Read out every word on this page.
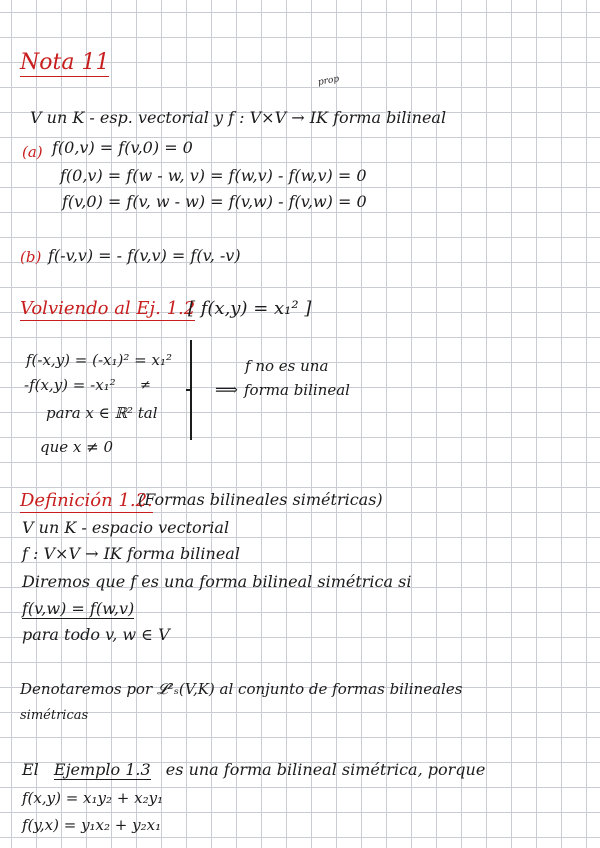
Nota 11
prop
V un K - esp. vectorial y f : V×V → IK forma bilineal
(a) f(0,v) = f(v,0) = 0
f(0,v) = f(w - w, v) = f(w,v) - f(w,v) = 0
f(v,0) = f(v, w - w) = f(v,w) - f(v,w) = 0
(b) f(-v,v) = - f(v,v) = f(v, -v)
Volviendo al Ej. 1.2
[ f(x,y) = x₁² ]
f(-x,y) = (-x₁)² = x₁²
-f(x,y) = -x₁² ≠
para x ∈ ℝ² tal
que x ≠ 0
⟹
f no es una
forma bilineal
Definición 1.2.
(Formas bilineales simétricas)
V un K - espacio vectorial
f : V×V → IK forma bilineal
Diremos que f es una forma bilineal simétrica si
f(v,w) = f(w,v)
para todo v, w ∈ V
Denotaremos por 𝓛²ₛ(V,K) al conjunto de formas bilineales
simétricas
El Ejemplo 1.3 es una forma bilineal simétrica, porque
f(x,y) = x₁y₂ + x₂y₁
f(y,x) = y₁x₂ + y₂x₁
